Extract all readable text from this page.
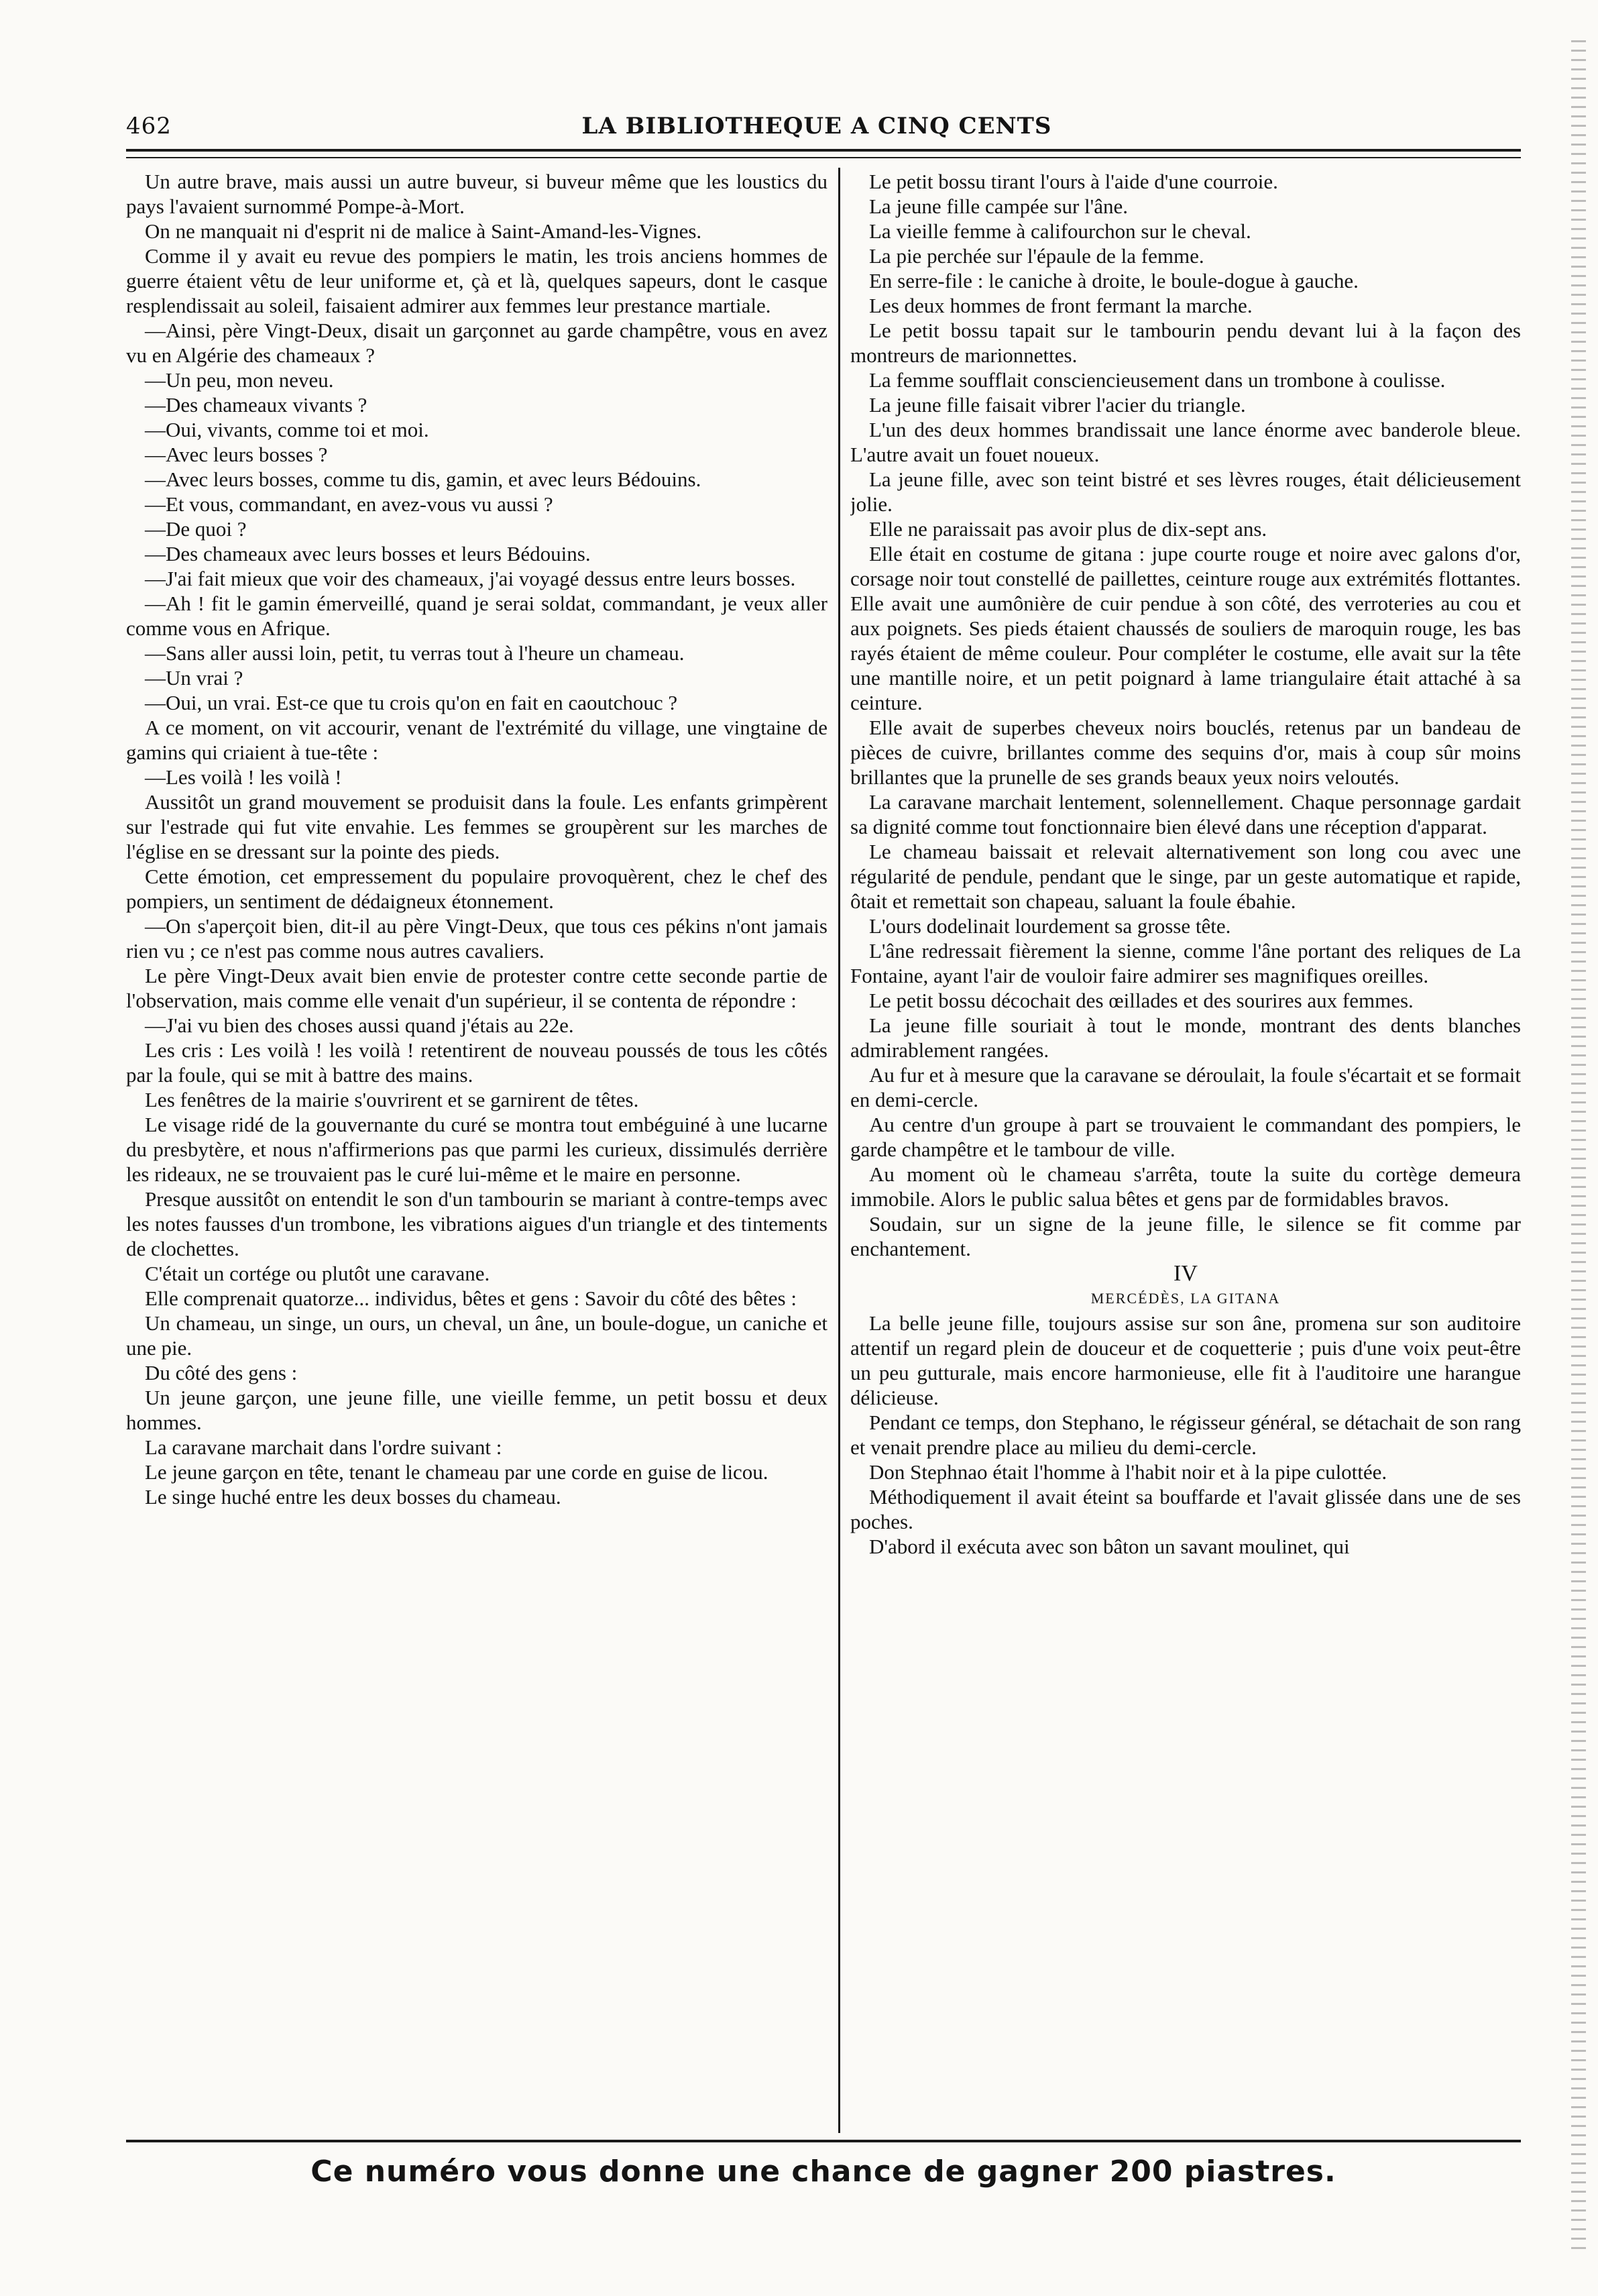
462	LA BIBLIOTHEQUE A CINQ CENTS

Un autre brave, mais aussi un autre buveur, si buveur même que les loustics du pays l'avaient surnommé Pompe-à-Mort.

On ne manquait ni d'esprit ni de malice à Saint-Amand-les-Vignes.

Comme il y avait eu revue des pompiers le matin, les trois anciens hommes de guerre étaient vêtu de leur uniforme et, çà et là, quelques sapeurs, dont le casque resplendissait au soleil, faisaient admirer aux femmes leur prestance martiale.

—Ainsi, père Vingt-Deux, disait un garçonnet au garde champêtre, vous en avez vu en Algérie des chameaux ?

—Un peu, mon neveu.

—Des chameaux vivants ?

—Oui, vivants, comme toi et moi.

—Avec leurs bosses ?

—Avec leurs bosses, comme tu dis, gamin, et avec leurs Bédouins.

—Et vous, commandant, en avez-vous vu aussi ?

—De quoi ?

—Des chameaux avec leurs bosses et leurs Bédouins.

—J'ai fait mieux que voir des chameaux, j'ai voyagé dessus entre leurs bosses.

—Ah ! fit le gamin émerveillé, quand je serai soldat, commandant, je veux aller comme vous en Afrique.

—Sans aller aussi loin, petit, tu verras tout à l'heure un chameau.

—Un vrai ?

—Oui, un vrai. Est-ce que tu crois qu'on en fait en caoutchouc ?

A ce moment, on vit accourir, venant de l'extrémité du village, une vingtaine de gamins qui criaient à tue-tête :

—Les voilà ! les voilà !

Aussitôt un grand mouvement se produisit dans la foule. Les enfants grimpèrent sur l'estrade qui fut vite envahie. Les femmes se groupèrent sur les marches de l'église en se dressant sur la pointe des pieds.

Cette émotion, cet empressement du populaire provoquèrent, chez le chef des pompiers, un sentiment de dédaigneux étonnement.

—On s'aperçoit bien, dit-il au père Vingt-Deux, que tous ces pékins n'ont jamais rien vu ; ce n'est pas comme nous autres cavaliers.

Le père Vingt-Deux avait bien envie de protester contre cette seconde partie de l'observation, mais comme elle venait d'un supérieur, il se contenta de répondre :

—J'ai vu bien des choses aussi quand j'étais au 22e.

Les cris : Les voilà ! les voilà ! retentirent de nouveau poussés de tous les côtés par la foule, qui se mit à battre des mains.

Les fenêtres de la mairie s'ouvrirent et se garnirent de têtes.

Le visage ridé de la gouvernante du curé se montra tout embéguiné à une lucarne du presbytère, et nous n'affirmerions pas que parmi les curieux, dissimulés derrière les rideaux, ne se trouvaient pas le curé lui-même et le maire en personne.

Presque aussitôt on entendit le son d'un tambourin se mariant à contre-temps avec les notes fausses d'un trombone, les vibrations aigues d'un triangle et des tintements de clochettes.

C'était un cortége ou plutôt une caravane.

Elle comprenait quatorze... individus, bêtes et gens : Savoir du côté des bêtes :

Un chameau, un singe, un ours, un cheval, un âne, un boule-dogue, un caniche et une pie.

Du côté des gens :

Un jeune garçon, une jeune fille, une vieille femme, un petit bossu et deux hommes.

La caravane marchait dans l'ordre suivant :

Le jeune garçon en tête, tenant le chameau par une corde en guise de licou.

Le singe huché entre les deux bosses du chameau.

Le petit bossu tirant l'ours à l'aide d'une courroie.

La jeune fille campée sur l'âne.

La vieille femme à califourchon sur le cheval.

La pie perchée sur l'épaule de la femme.

En serre-file : le caniche à droite, le boule-dogue à gauche.

Les deux hommes de front fermant la marche.

Le petit bossu tapait sur le tambourin pendu devant lui à la façon des montreurs de marionnettes.

La femme soufflait consciencieusement dans un trombone à coulisse.

La jeune fille faisait vibrer l'acier du triangle.

L'un des deux hommes brandissait une lance énorme avec banderole bleue. L'autre avait un fouet noueux.

La jeune fille, avec son teint bistré et ses lèvres rouges, était délicieusement jolie.

Elle ne paraissait pas avoir plus de dix-sept ans.

Elle était en costume de gitana : jupe courte rouge et noire avec galons d'or, corsage noir tout constellé de paillettes, ceinture rouge aux extrémités flottantes. Elle avait une aumônière de cuir pendue à son côté, des verroteries au cou et aux poignets. Ses pieds étaient chaussés de souliers de maroquin rouge, les bas rayés étaient de même couleur. Pour compléter le costume, elle avait sur la tête une mantille noire, et un petit poignard à lame triangulaire était attaché à sa ceinture.

Elle avait de superbes cheveux noirs bouclés, retenus par un bandeau de pièces de cuivre, brillantes comme des sequins d'or, mais à coup sûr moins brillantes que la prunelle de ses grands beaux yeux noirs veloutés.

La caravane marchait lentement, solennellement. Chaque personnage gardait sa dignité comme tout fonctionnaire bien élevé dans une réception d'apparat.

Le chameau baissait et relevait alternativement son long cou avec une régularité de pendule, pendant que le singe, par un geste automatique et rapide, ôtait et remettait son chapeau, saluant la foule ébahie.

L'ours dodelinait lourdement sa grosse tête.

L'âne redressait fièrement la sienne, comme l'âne portant des reliques de La Fontaine, ayant l'air de vouloir faire admirer ses magnifiques oreilles.

Le petit bossu décochait des œillades et des sourires aux femmes.

La jeune fille souriait à tout le monde, montrant des dents blanches admirablement rangées.

Au fur et à mesure que la caravane se déroulait, la foule s'écartait et se formait en demi-cercle.

Au centre d'un groupe à part se trouvaient le commandant des pompiers, le garde champêtre et le tambour de ville.

Au moment où le chameau s'arrêta, toute la suite du cortège demeura immobile. Alors le public salua bêtes et gens par de formidables bravos.

Soudain, sur un signe de la jeune fille, le silence se fit comme par enchantement.

IV

MERCÉDÈS, LA GITANA

La belle jeune fille, toujours assise sur son âne, promena sur son auditoire attentif un regard plein de douceur et de coquetterie ; puis d'une voix peut-être un peu gutturale, mais encore harmonieuse, elle fit à l'auditoire une harangue délicieuse.

Pendant ce temps, don Stephano, le régisseur général, se détachait de son rang et venait prendre place au milieu du demi-cercle.

Don Stephnao était l'homme à l'habit noir et à la pipe culottée.

Méthodiquement il avait éteint sa bouffarde et l'avait glissée dans une de ses poches.

D'abord il exécuta avec son bâton un savant moulinet, qui

Ce numéro vous donne une chance de gagner 200 piastres.
